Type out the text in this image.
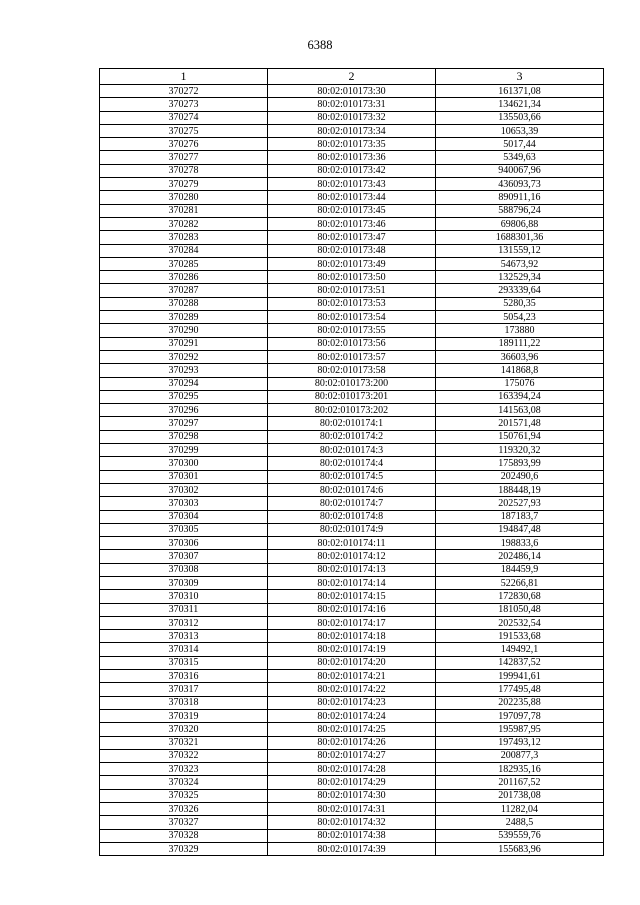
6388
1	2	3
370272	80:02:010173:30	161371,08
370273	80:02:010173:31	134621,34
370274	80:02:010173:32	135503,66
370275	80:02:010173:34	10653,39
370276	80:02:010173:35	5017,44
370277	80:02:010173:36	5349,63
370278	80:02:010173:42	940067,96
370279	80:02:010173:43	436093,73
370280	80:02:010173:44	890911,16
370281	80:02:010173:45	588796,24
370282	80:02:010173:46	69806,88
370283	80:02:010173:47	1688301,36
370284	80:02:010173:48	131559,12
370285	80:02:010173:49	54673,92
370286	80:02:010173:50	132529,34
370287	80:02:010173:51	293339,64
370288	80:02:010173:53	5280,35
370289	80:02:010173:54	5054,23
370290	80:02:010173:55	173880
370291	80:02:010173:56	189111,22
370292	80:02:010173:57	36603,96
370293	80:02:010173:58	141868,8
370294	80:02:010173:200	175076
370295	80:02:010173:201	163394,24
370296	80:02:010173:202	141563,08
370297	80:02:010174:1	201571,48
370298	80:02:010174:2	150761,94
370299	80:02:010174:3	119320,32
370300	80:02:010174:4	175893,99
370301	80:02:010174:5	202490,6
370302	80:02:010174:6	188448,19
370303	80:02:010174:7	202527,93
370304	80:02:010174:8	187183,7
370305	80:02:010174:9	194847,48
370306	80:02:010174:11	198833,6
370307	80:02:010174:12	202486,14
370308	80:02:010174:13	184459,9
370309	80:02:010174:14	52266,81
370310	80:02:010174:15	172830,68
370311	80:02:010174:16	181050,48
370312	80:02:010174:17	202532,54
370313	80:02:010174:18	191533,68
370314	80:02:010174:19	149492,1
370315	80:02:010174:20	142837,52
370316	80:02:010174:21	199941,61
370317	80:02:010174:22	177495,48
370318	80:02:010174:23	202235,88
370319	80:02:010174:24	197097,78
370320	80:02:010174:25	195987,95
370321	80:02:010174:26	197493,12
370322	80:02:010174:27	200877,3
370323	80:02:010174:28	182935,16
370324	80:02:010174:29	201167,52
370325	80:02:010174:30	201738,08
370326	80:02:010174:31	11282,04
370327	80:02:010174:32	2488,5
370328	80:02:010174:38	539559,76
370329	80:02:010174:39	155683,96
